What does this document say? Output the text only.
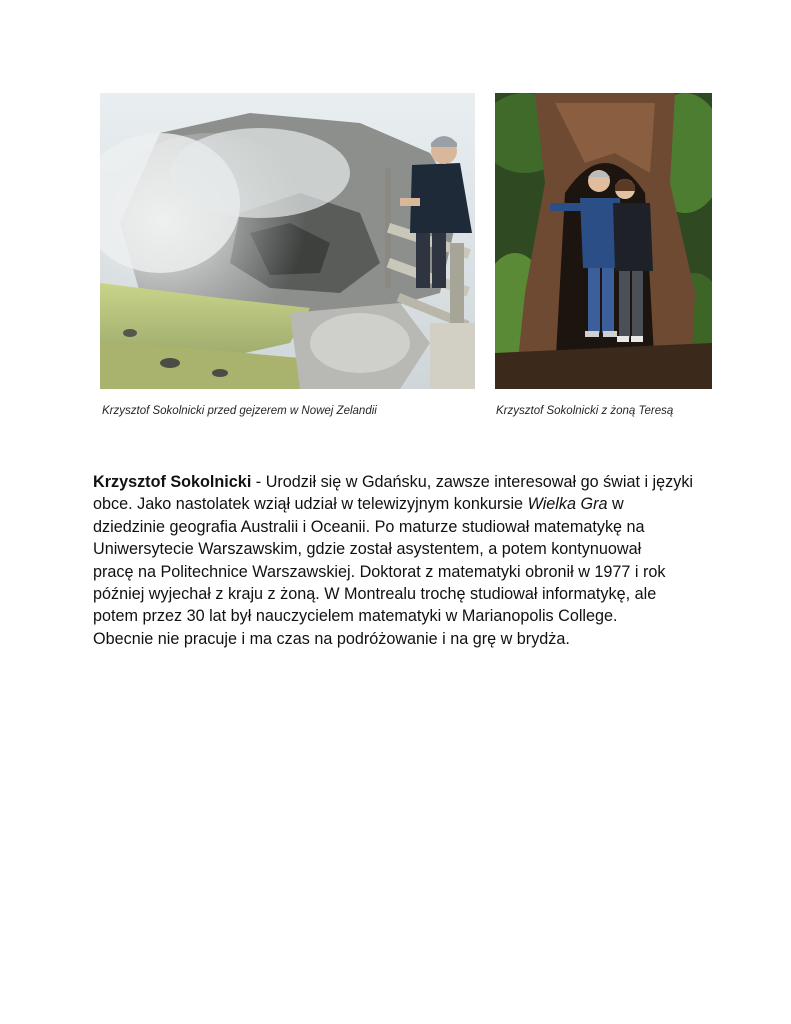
Krzysztof Sokolnicki przed gejzerem w Nowej Zelandii	Krzysztof Sokolnicki z żoną Teresą
Krzysztof Sokolnicki - Urodził się w Gdańsku, zawsze interesował go świat i języki
obce. Jako nastolatek wziął udział w telewizyjnym konkursie Wielka Gra w
dziedzinie geografia Australii i Oceanii. Po maturze studiował matematykę na
Uniwersytecie Warszawskim, gdzie został asystentem, a potem kontynuował
pracę na Politechnice Warszawskiej. Doktorat z matematyki obronił w 1977 i rok
później wyjechał z kraju z żoną. W Montrealu trochę studiował informatykę, ale
potem przez 30 lat był nauczycielem matematyki w Marianopolis College.
Obecnie nie pracuje i ma czas na podróżowanie i na grę w brydża.
